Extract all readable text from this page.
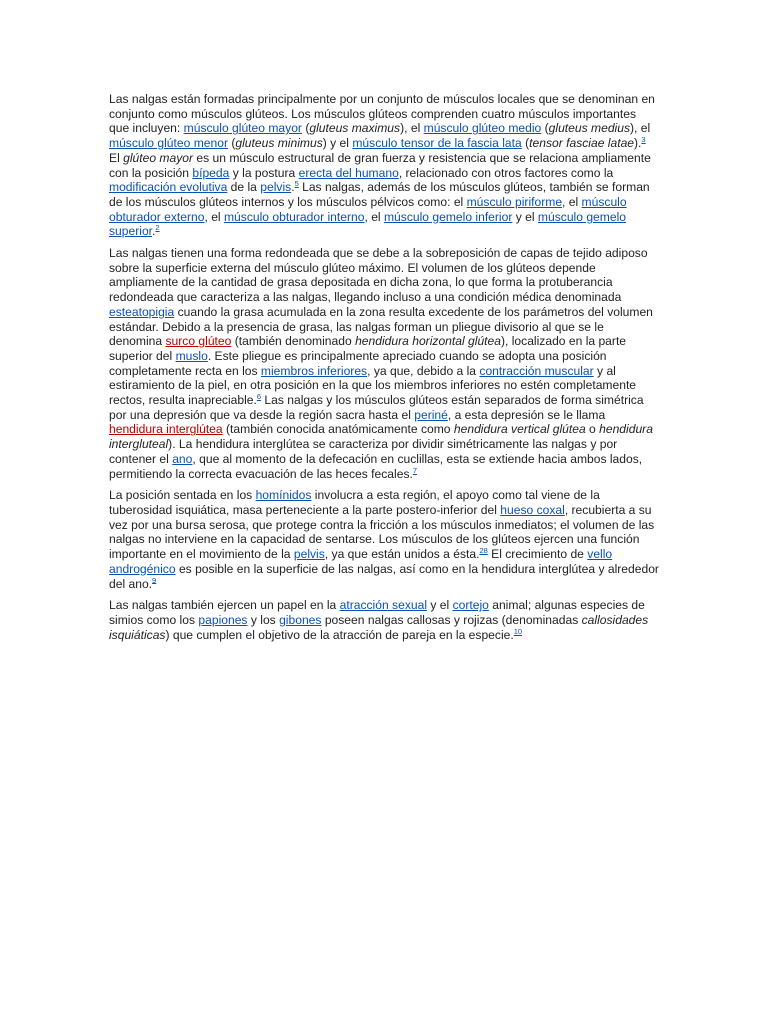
Las nalgas están formadas principalmente por un conjunto de músculos locales que se denominan en conjunto como músculos glúteos. Los músculos glúteos comprenden cuatro músculos importantes que incluyen: músculo glúteo mayor (gluteus maximus), el músculo glúteo medio (gluteus medius), el músculo glúteo menor (gluteus minimus) y el músculo tensor de la fascia lata (tensor fasciae latae).$^3$ El glúteo mayor es un músculo estructural de gran fuerza y resistencia que se relaciona ampliamente con la posición bípeda y la postura erecta del humano, relacionado con otros factores como la modificación evolutiva de la pelvis.$^5$ Las nalgas, además de los músculos glúteos, también se forman de los músculos glúteos internos y los músculos pélvicos como: el músculo piriforme, el músculo obturador externo, el músculo obturador interno, el músculo gemelo inferior y el músculo gemelo superior.$^2$

Las nalgas tienen una forma redondeada que se debe a la sobreposición de capas de tejido adiposo sobre la superficie externa del músculo glúteo máximo. El volumen de los glúteos depende ampliamente de la cantidad de grasa depositada en dicha zona, lo que forma la protuberancia redondeada que caracteriza a las nalgas, llegando incluso a una condición médica denominada esteatopigia cuando la grasa acumulada en la zona resulta excedente de los parámetros del volumen estándar. Debido a la presencia de grasa, las nalgas forman un pliegue divisorio al que se le denomina surco glúteo (también denominado hendidura horizontal glútea), localizado en la parte superior del muslo. Este pliegue es principalmente apreciado cuando se adopta una posición completamente recta en los miembros inferiores, ya que, debido a la contracción muscular y al estiramiento de la piel, en otra posición en la que los miembros inferiores no estén completamente rectos, resulta inapreciable.$^6$ Las nalgas y los músculos glúteos están separados de forma simétrica por una depresión que va desde la región sacra hasta el periné, a esta depresión se le llama hendidura interglútea (también conocida anatómicamente como hendidura vertical glútea o hendidura intergluteal). La hendidura interglútea se caracteriza por dividir simétricamente las nalgas y por contener el ano, que al momento de la defecación en cuclillas, esta se extiende hacia ambos lados, permitiendo la correcta evacuación de las heces fecales.$^7$

La posición sentada en los homínidos involucra a esta región, el apoyo como tal viene de la tuberosidad isquiática, masa perteneciente a la parte postero-inferior del hueso coxal, recubierta a su vez por una bursa serosa, que protege contra la fricción a los músculos inmediatos; el volumen de las nalgas no interviene en la capacidad de sentarse. Los músculos de los glúteos ejercen una función importante en el movimiento de la pelvis, ya que están unidos a ésta.$^{28}$ El crecimiento de vello androgénico es posible en la superficie de las nalgas, así como en la hendidura interglútea y alrededor del ano.$^9$

Las nalgas también ejercen un papel en la atracción sexual y el cortejo animal; algunas especies de simios como los papiones y los gibones poseen nalgas callosas y rojizas (denominadas callosidades isquiáticas) que cumplen el objetivo de la atracción de pareja en la especie.$^{10}$
